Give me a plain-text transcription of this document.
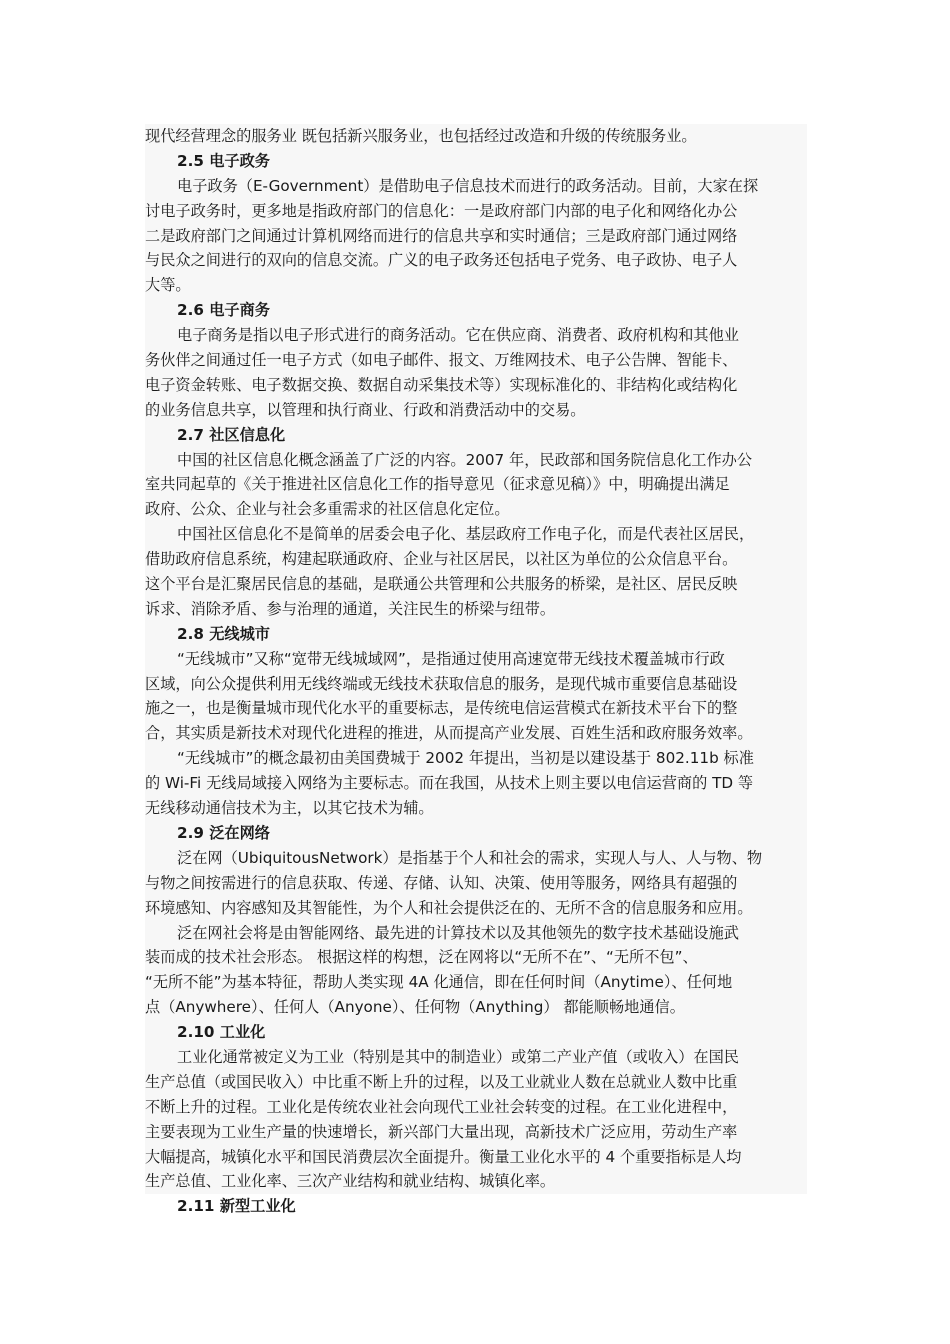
现代经营理念的服务业 既包括新兴服务业，也包括经过改造和升级的传统服务业。
2.5 电子政务
电子政务（E-Government）是借助电子信息技术而进行的政务活动。目前，大家在探
讨电子政务时，更多地是指政府部门的信息化：一是政府部门内部的电子化和网络化办公
二是政府部门之间通过计算机网络而进行的信息共享和实时通信；三是政府部门通过网络
与民众之间进行的双向的信息交流。广义的电子政务还包括电子党务、电子政协、电子人
大等。
2.6 电子商务
电子商务是指以电子形式进行的商务活动。它在供应商、消费者、政府机构和其他业
务伙伴之间通过任一电子方式（如电子邮件、报文、万维网技术、电子公告牌、智能卡、
电子资金转账、电子数据交换、数据自动采集技术等）实现标准化的、非结构化或结构化
的业务信息共享，以管理和执行商业、行政和消费活动中的交易。
2.7 社区信息化
中国的社区信息化概念涵盖了广泛的内容。2007 年，民政部和国务院信息化工作办公
室共同起草的《关于推进社区信息化工作的指导意见（征求意见稿）》中，明确提出满足
政府、公众、企业与社会多重需求的社区信息化定位。
中国社区信息化不是简单的居委会电子化、基层政府工作电子化，而是代表社区居民，
借助政府信息系统，构建起联通政府、企业与社区居民，以社区为单位的公众信息平台。
这个平台是汇聚居民信息的基础，是联通公共管理和公共服务的桥梁，是社区、居民反映
诉求、消除矛盾、参与治理的通道，关注民生的桥梁与纽带。
2.8 无线城市
“无线城市”又称“宽带无线城域网”，是指通过使用高速宽带无线技术覆盖城市行政
区域，向公众提供利用无线终端或无线技术获取信息的服务，是现代城市重要信息基础设
施之一，也是衡量城市现代化水平的重要标志，是传统电信运营模式在新技术平台下的整
合，其实质是新技术对现代化进程的推进，从而提高产业发展、百姓生活和政府服务效率。
“无线城市”的概念最初由美国费城于 2002 年提出，当初是以建设基于 802.11b 标准
的 Wi-Fi 无线局域接入网络为主要标志。而在我国，从技术上则主要以电信运营商的 TD 等
无线移动通信技术为主，以其它技术为辅。
2.9 泛在网络
泛在网（UbiquitousNetwork）是指基于个人和社会的需求，实现人与人、人与物、物
与物之间按需进行的信息获取、传递、存储、认知、决策、使用等服务，网络具有超强的
环境感知、内容感知及其智能性，为个人和社会提供泛在的、无所不含的信息服务和应用。
泛在网社会将是由智能网络、最先进的计算技术以及其他领先的数字技术基础设施武
装而成的技术社会形态。 根据这样的构想，泛在网将以“无所不在”、“无所不包”、
“无所不能”为基本特征，帮助人类实现 4A 化通信，即在任何时间（Anytime）、任何地
点（Anywhere）、任何人（Anyone）、任何物（Anything） 都能顺畅地通信。
2.10 工业化
工业化通常被定义为工业（特别是其中的制造业）或第二产业产值（或收入）在国民
生产总值（或国民收入）中比重不断上升的过程，以及工业就业人数在总就业人数中比重
不断上升的过程。工业化是传统农业社会向现代工业社会转变的过程。在工业化进程中，
主要表现为工业生产量的快速增长，新兴部门大量出现，高新技术广泛应用，劳动生产率
大幅提高，城镇化水平和国民消费层次全面提升。衡量工业化水平的 4 个重要指标是人均
生产总值、工业化率、三次产业结构和就业结构、城镇化率。
2.11 新型工业化
